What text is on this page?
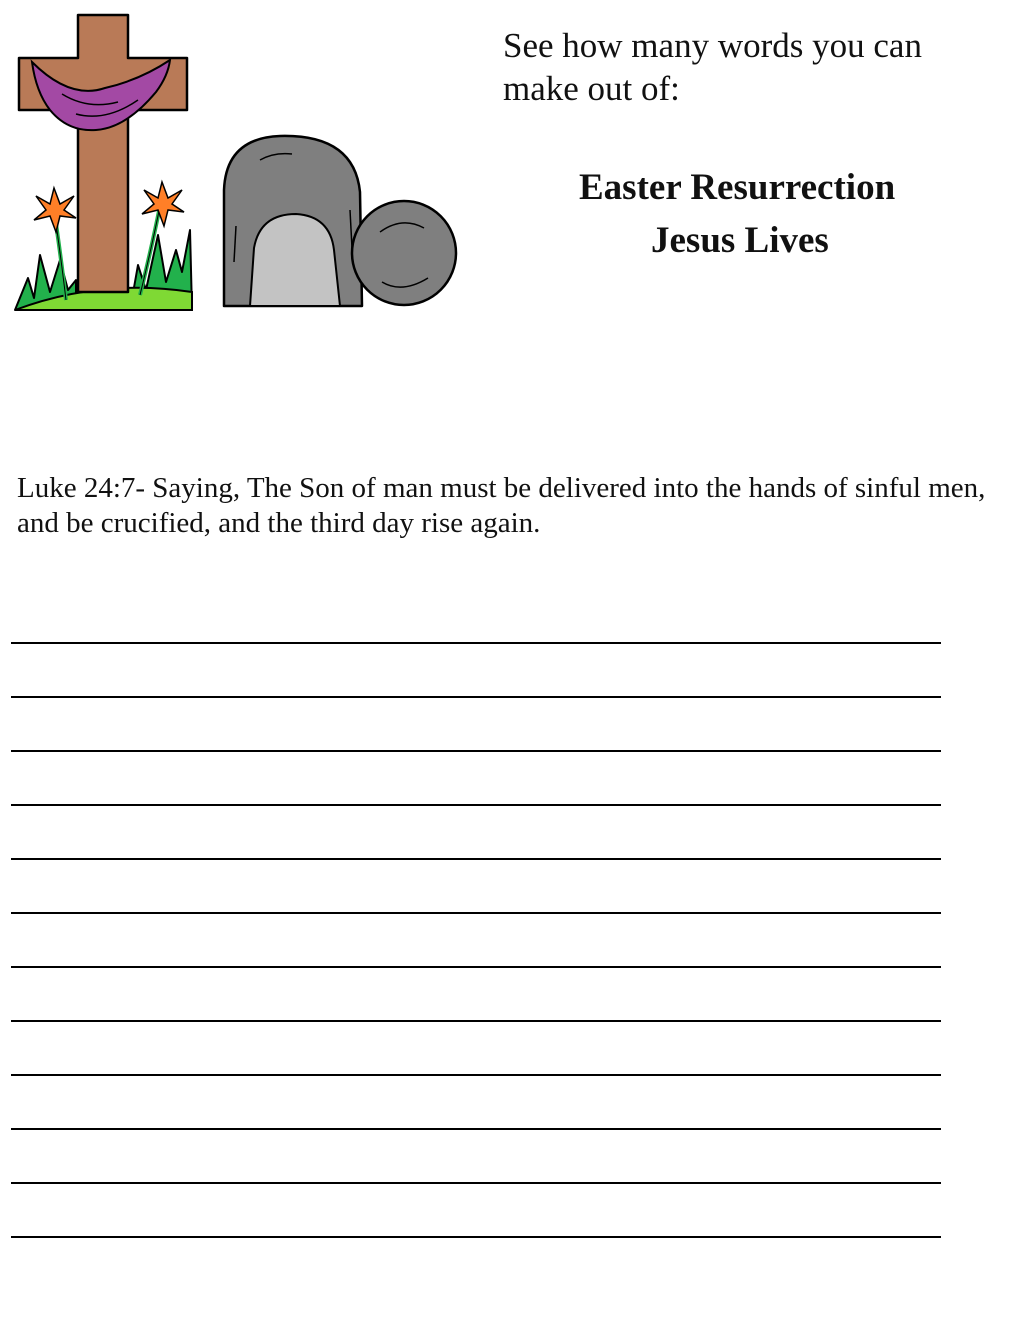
See how many words you can make out of:

Easter Resurrection

Jesus Lives

Luke 24:7- Saying, The Son of man must be delivered into the hands of sinful men, and be crucified, and the third day rise again.
